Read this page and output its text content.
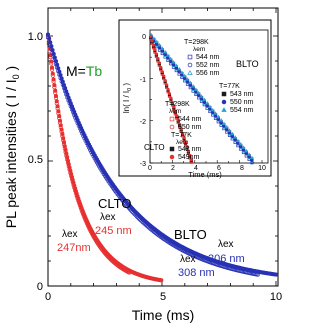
0
0.5
1.0
0	5	10
Time (ms)
PL peak intensities ( I / $I_0$ )	M=Tb
CLTO
λex
245 nm
λex
247nm
BLTO
λex
306 nm
λex
308 nm
0
-1
-2
-3
0	2	4	6	8 10
Time (ms)
ln( I / $I_0$ )
T=298K
λem
544 nm
552 nm
556 nm
BLTO
T=77K
543 nm
550 nm
554 nm
T=298K
λem
544 nm
550 nm
T=77K
λem
CLTO 542 nm
549nm
